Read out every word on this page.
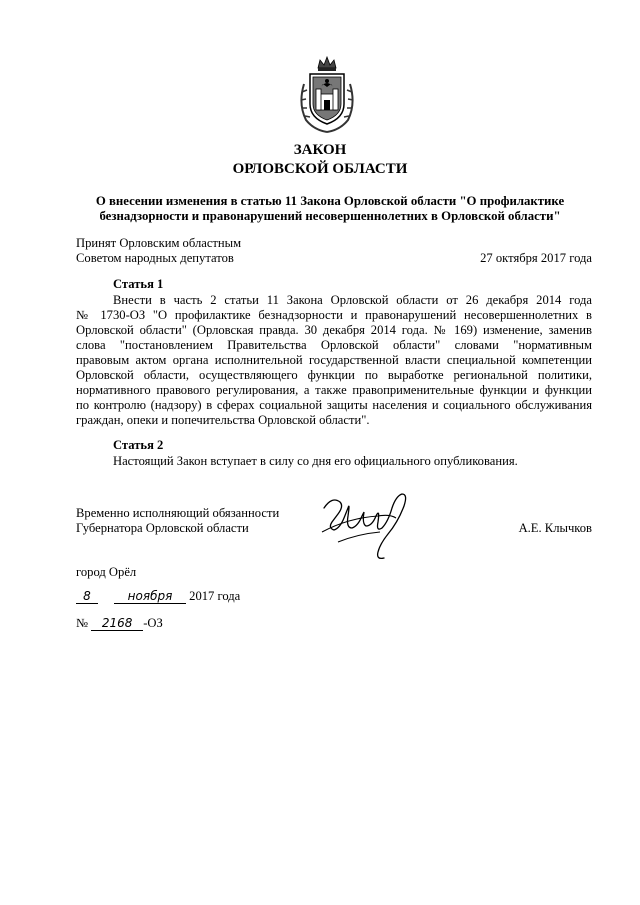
ЗАКОН
ОРЛОВСКОЙ ОБЛАСТИ
О внесении изменения в статью 11 Закона Орловской области "О профилактике
безнадзорности и правонарушений несовершеннолетних в Орловской области"
Принят Орловским областным
Советом народных депутатов	27 октября 2017 года
Статья 1
Внести в часть 2 статьи 11 Закона Орловской области от 26 декабря 2014 года
№ 1730-ОЗ "О профилактике безнадзорности и правонарушений несовершеннолетних в
Орловской области" (Орловская правда. 30 декабря 2014 года. № 169) изменение, заменив
слова "постановлением Правительства Орловской области" словами "нормативным
правовым актом органа исполнительной государственной власти специальной компетенции
Орловской области, осуществляющего функции по выработке региональной политики,
нормативного правового регулирования, а также правоприменительные функции и функции
по контролю (надзору) в сферах социальной защиты населения и социального обслуживания
граждан, опеки и попечительства Орловской области".
Статья 2
Настоящий Закон вступает в силу со дня его официального опубликования.
Временно исполняющий обязанности
Губернатора Орловской области	А.Е. Клычков
город Орёл
8	ноября 2017 года
№ 2168 -ОЗ
